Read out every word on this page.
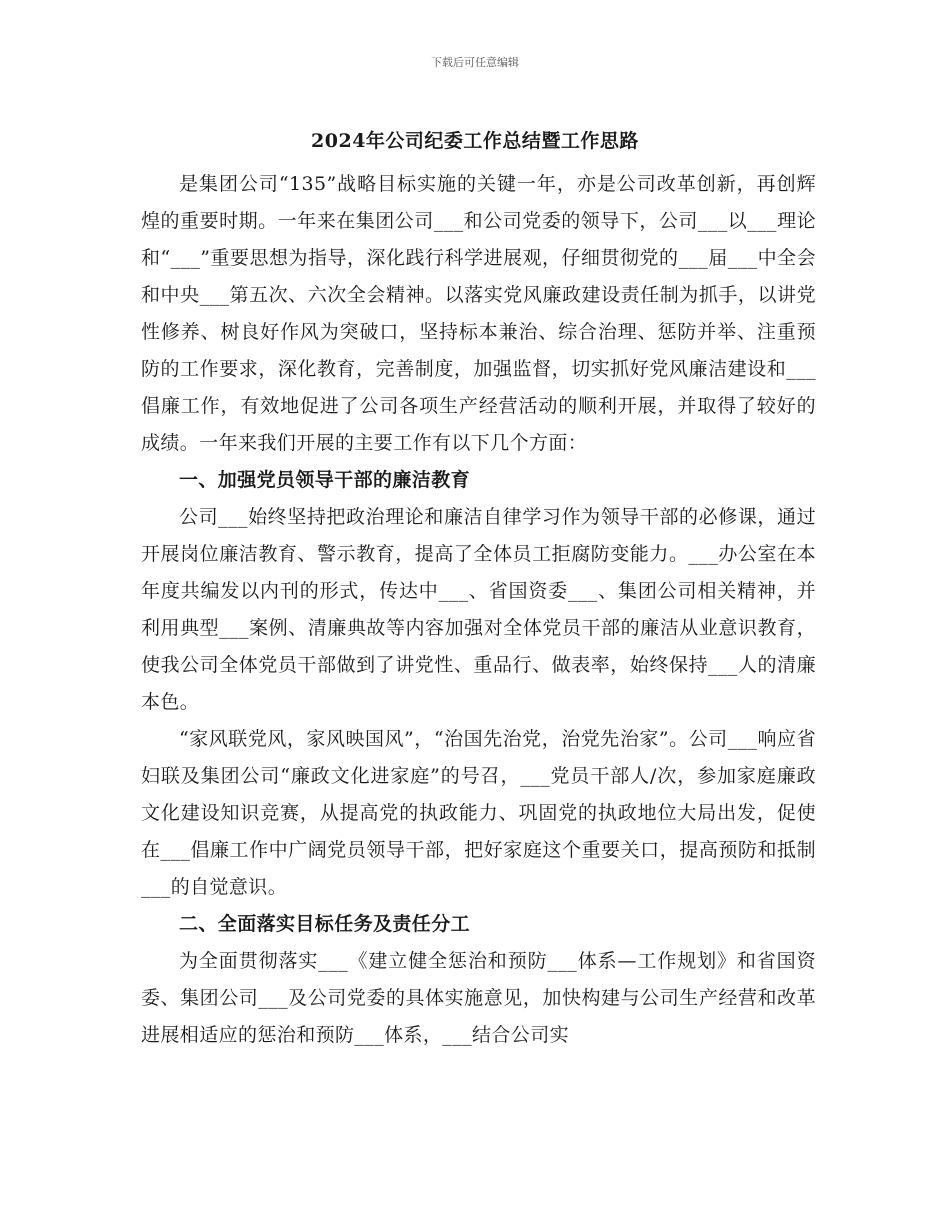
下载后可任意编辑
2024年公司纪委工作总结暨工作思路

是集团公司“135”战略目标实施的关键一年，亦是公司改革创新，再创辉煌的重要时期。一年来在集团公司___和公司党委的领导下，公司___以___理论和“___”重要思想为指导，深化践行科学进展观，仔细贯彻党的___届___中全会和中央___第五次、六次全会精神。以落实党风廉政建设责任制为抓手，以讲党性修养、树良好作风为突破口，坚持标本兼治、综合治理、惩防并举、注重预防的工作要求，深化教育，完善制度，加强监督，切实抓好党风廉洁建设和___倡廉工作，有效地促进了公司各项生产经营活动的顺利开展，并取得了较好的成绩。一年来我们开展的主要工作有以下几个方面：

一、加强党员领导干部的廉洁教育

公司___始终坚持把政治理论和廉洁自律学习作为领导干部的必修课，通过开展岗位廉洁教育、警示教育，提高了全体员工拒腐防变能力。___办公室在本年度共编发以内刊的形式，传达中___、省国资委___、集团公司相关精神，并利用典型___案例、清廉典故等内容加强对全体党员干部的廉洁从业意识教育，使我公司全体党员干部做到了讲党性、重品行、做表率，始终保持___人的清廉本色。

“家风联党风，家风映国风”，“治国先治党，治党先治家”。公司___响应省妇联及集团公司“廉政文化进家庭”的号召，___党员干部人/次，参加家庭廉政文化建设知识竞赛，从提高党的执政能力、巩固党的执政地位大局出发，促使在___倡廉工作中广阔党员领导干部，把好家庭这个重要关口，提高预防和抵制___的自觉意识。

二、全面落实目标任务及责任分工

为全面贯彻落实___《建立健全惩治和预防___体系—工作规划》和省国资委、集团公司___及公司党委的具体实施意见，加快构建与公司生产经营和改革进展相适应的惩治和预防___体系，___结合公司实
